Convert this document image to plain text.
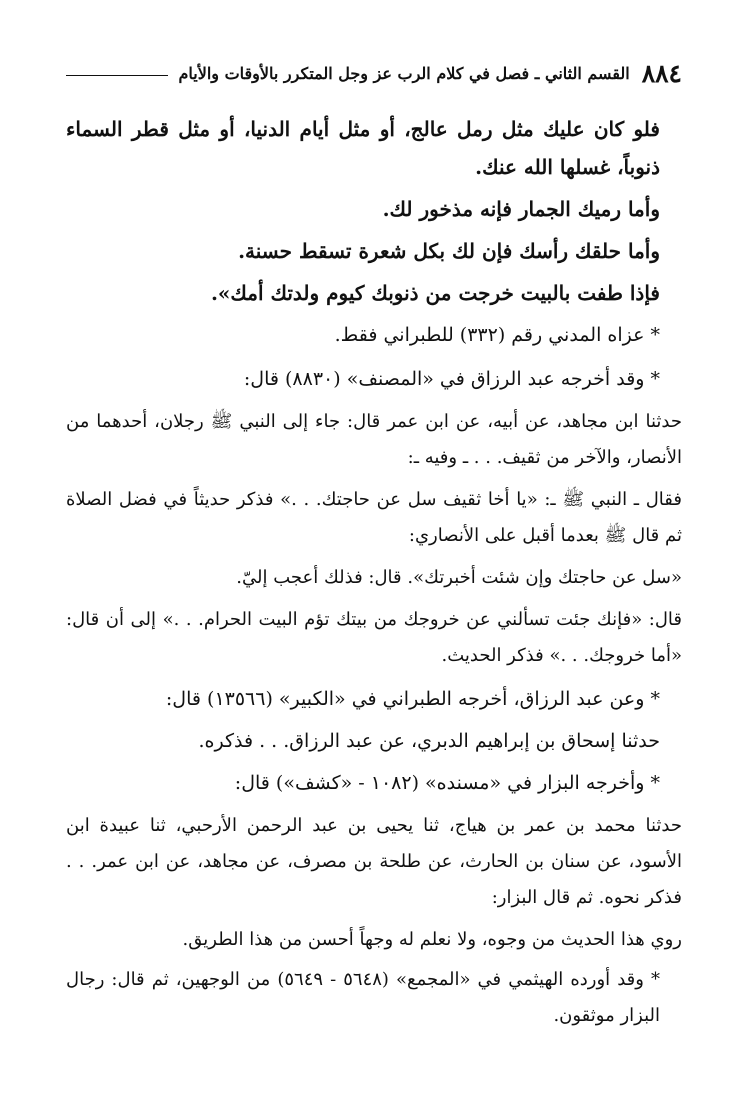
٨٨٤
القسم الثاني ـ فصل في كلام الرب عز وجل المتكرر بالأوقات والأيام

فلو كان عليك مثل رمل عالج، أو مثل أيام الدنيا، أو مثل قطر السماء ذنوباً، غسلها الله عنك.

وأما رميك الجمار فإنه مذخور لك.

وأما حلقك رأسك فإن لك بكل شعرة تسقط حسنة.

فإذا طفت بالبيت خرجت من ذنوبك كيوم ولدتك أمك».

* عزاه المدني رقم (٣٣٢) للطبراني فقط.

* وقد أخرجه عبد الرزاق في «المصنف» (٨٨٣٠) قال:

حدثنا ابن مجاهد، عن أبيه، عن ابن عمر قال: جاء إلى النبي ﷺ رجلان، أحدهما من الأنصار، والآخر من ثقيف. . . ـ وفيه ـ:

فقال ـ النبي ﷺ ـ: «يا أخا ثقيف سل عن حاجتك. . .» فذكر حديثاً في فضل الصلاة ثم قال ﷺ بعدما أقبل على الأنصاري:

«سل عن حاجتك وإن شئت أخبرتك». قال: فذلك أعجب إليّ.

قال: «فإنك جئت تسألني عن خروجك من بيتك تؤم البيت الحرام. . .» إلى أن قال: «أما خروجك. . .» فذكر الحديث.

* وعن عبد الرزاق، أخرجه الطبراني في «الكبير» (١٣٥٦٦) قال:

حدثنا إسحاق بن إبراهيم الدبري، عن عبد الرزاق. . . فذكره.

* وأخرجه البزار في «مسنده» (١٠٨٢ - «كشف») قال:

حدثنا محمد بن عمر بن هياج، ثنا يحيى بن عبد الرحمن الأرحبي، ثنا عبيدة ابن الأسود، عن سنان بن الحارث، عن طلحة بن مصرف، عن مجاهد، عن ابن عمر. . . فذكر نحوه. ثم قال البزار:

روي هذا الحديث من وجوه، ولا نعلم له وجهاً أحسن من هذا الطريق.

* وقد أورده الهيثمي في «المجمع» (٥٦٤٨ - ٥٦٤٩) من الوجهين، ثم قال: رجال البزار موثقون.
